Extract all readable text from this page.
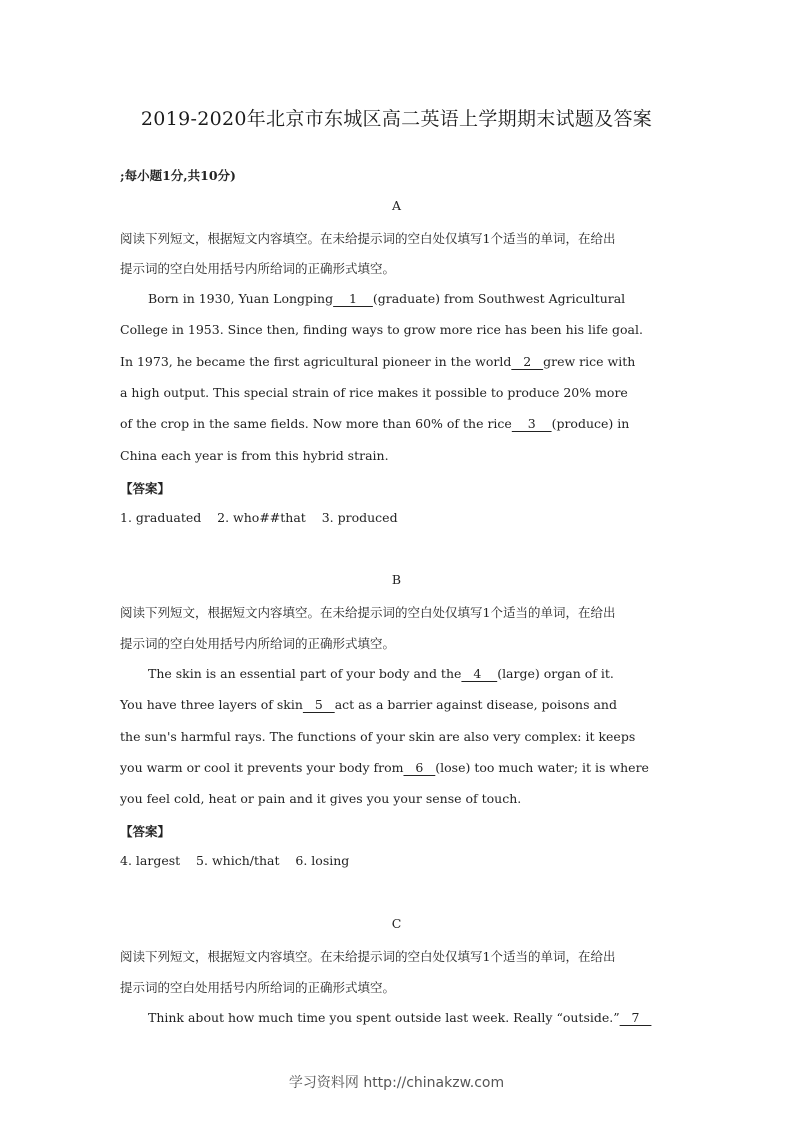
2019-2020年北京市东城区高二英语上学期期末试题及答案
;每小题1分,共10分)
A
阅读下列短文，根据短文内容填空。在未给提示词的空白处仅填写1个适当的单词，在给出
提示词的空白处用括号内所给词的正确形式填空。
Born in 1930, Yuan Longping    1    (graduate) from Southwest Agricultural
College in 1953. Since then, finding ways to grow more rice has been his life goal.
In 1973, he became the first agricultural pioneer in the world   2   grew rice with
a high output. This special strain of rice makes it possible to produce 20% more
of the crop in the same fields. Now more than 60% of the rice    3    (produce) in
China each year is from this hybrid strain.
【答案】
1. graduated    2. who##that    3. produced
B
阅读下列短文，根据短文内容填空。在未给提示词的空白处仅填写1个适当的单词，在给出
提示词的空白处用括号内所给词的正确形式填空。
The skin is an essential part of your body and the   4    (large) organ of it.
You have three layers of skin   5   act as a barrier against disease, poisons and
the sun's harmful rays. The functions of your skin are also very complex: it keeps
you warm or cool it prevents your body from   6   (lose) too much water; it is where
you feel cold, heat or pain and it gives you your sense of touch.
【答案】
4. largest    5. which/that    6. losing
C
阅读下列短文，根据短文内容填空。在未给提示词的空白处仅填写1个适当的单词，在给出
提示词的空白处用括号内所给词的正确形式填空。
Think about how much time you spent outside last week. Really “outside.”   7
学习资料网 http://chinakzw.com
